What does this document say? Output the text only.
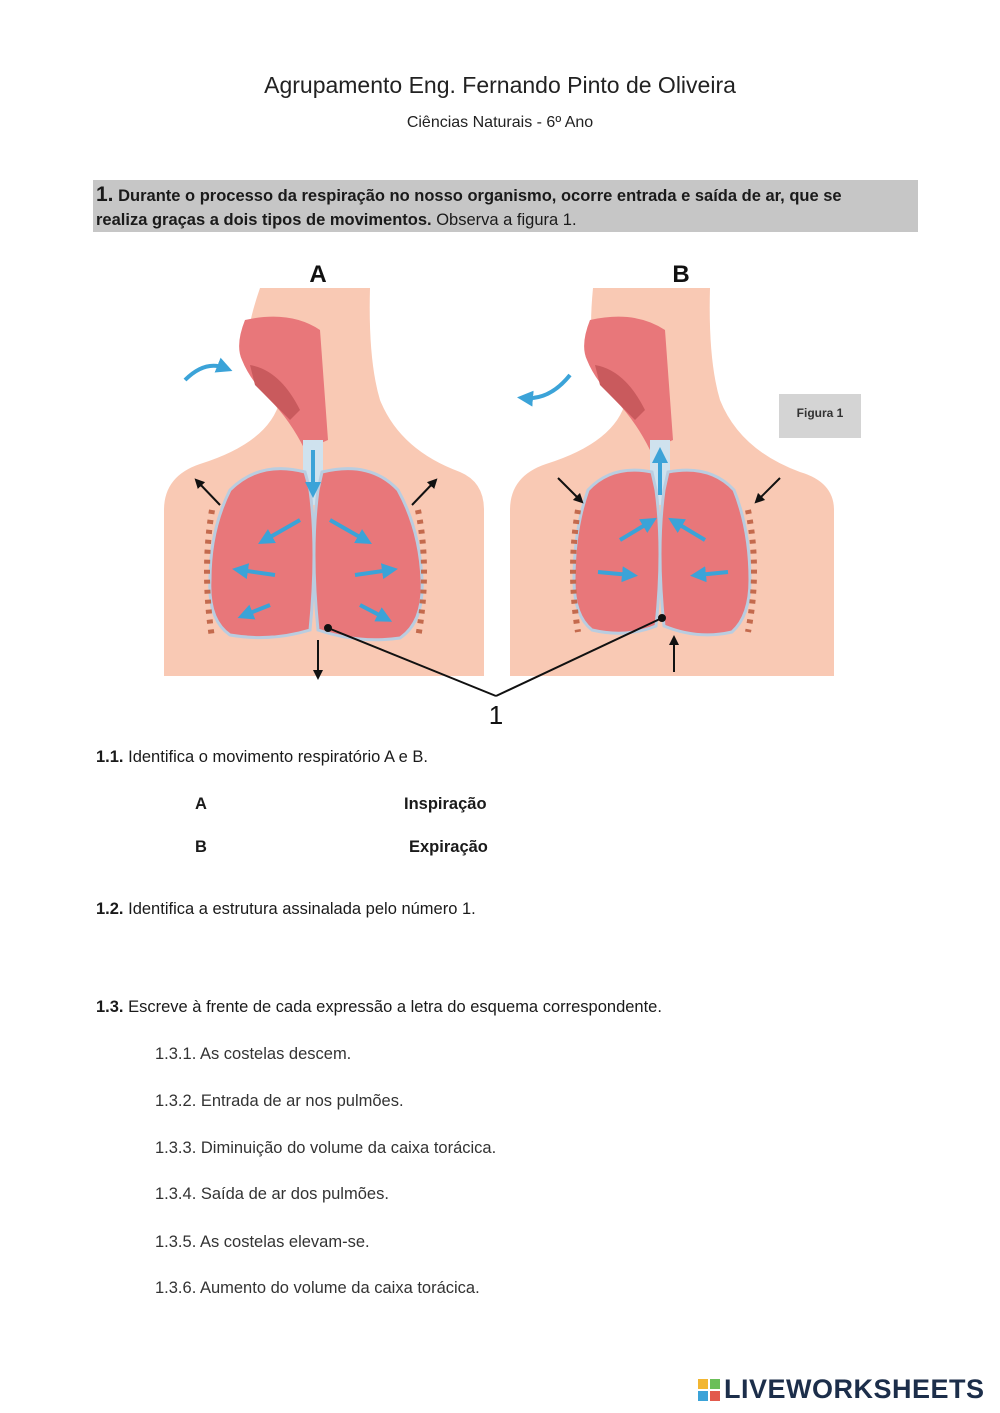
Agrupamento Eng. Fernando Pinto de Oliveira
Ciências Naturais - 6º Ano
1. Durante o processo da respiração no nosso organismo, ocorre entrada e saída de ar, que se
realiza graças a dois tipos de movimentos. Observa a figura 1.
A	B
1
Figura 1
1.1. Identifica o movimento respiratório A e B.
A	Inspiração
B	Expiração
1.2. Identifica a estrutura assinalada pelo número 1.
1.3. Escreve à frente de cada expressão a letra do esquema correspondente.
1.3.1. As costelas descem.
1.3.2. Entrada de ar nos pulmões.
1.3.3. Diminuição do volume da caixa torácica.
1.3.4. Saída de ar dos pulmões.
1.3.5. As costelas elevam-se.
1.3.6. Aumento do volume da caixa torácica.
LIVEWORKSHEETS
